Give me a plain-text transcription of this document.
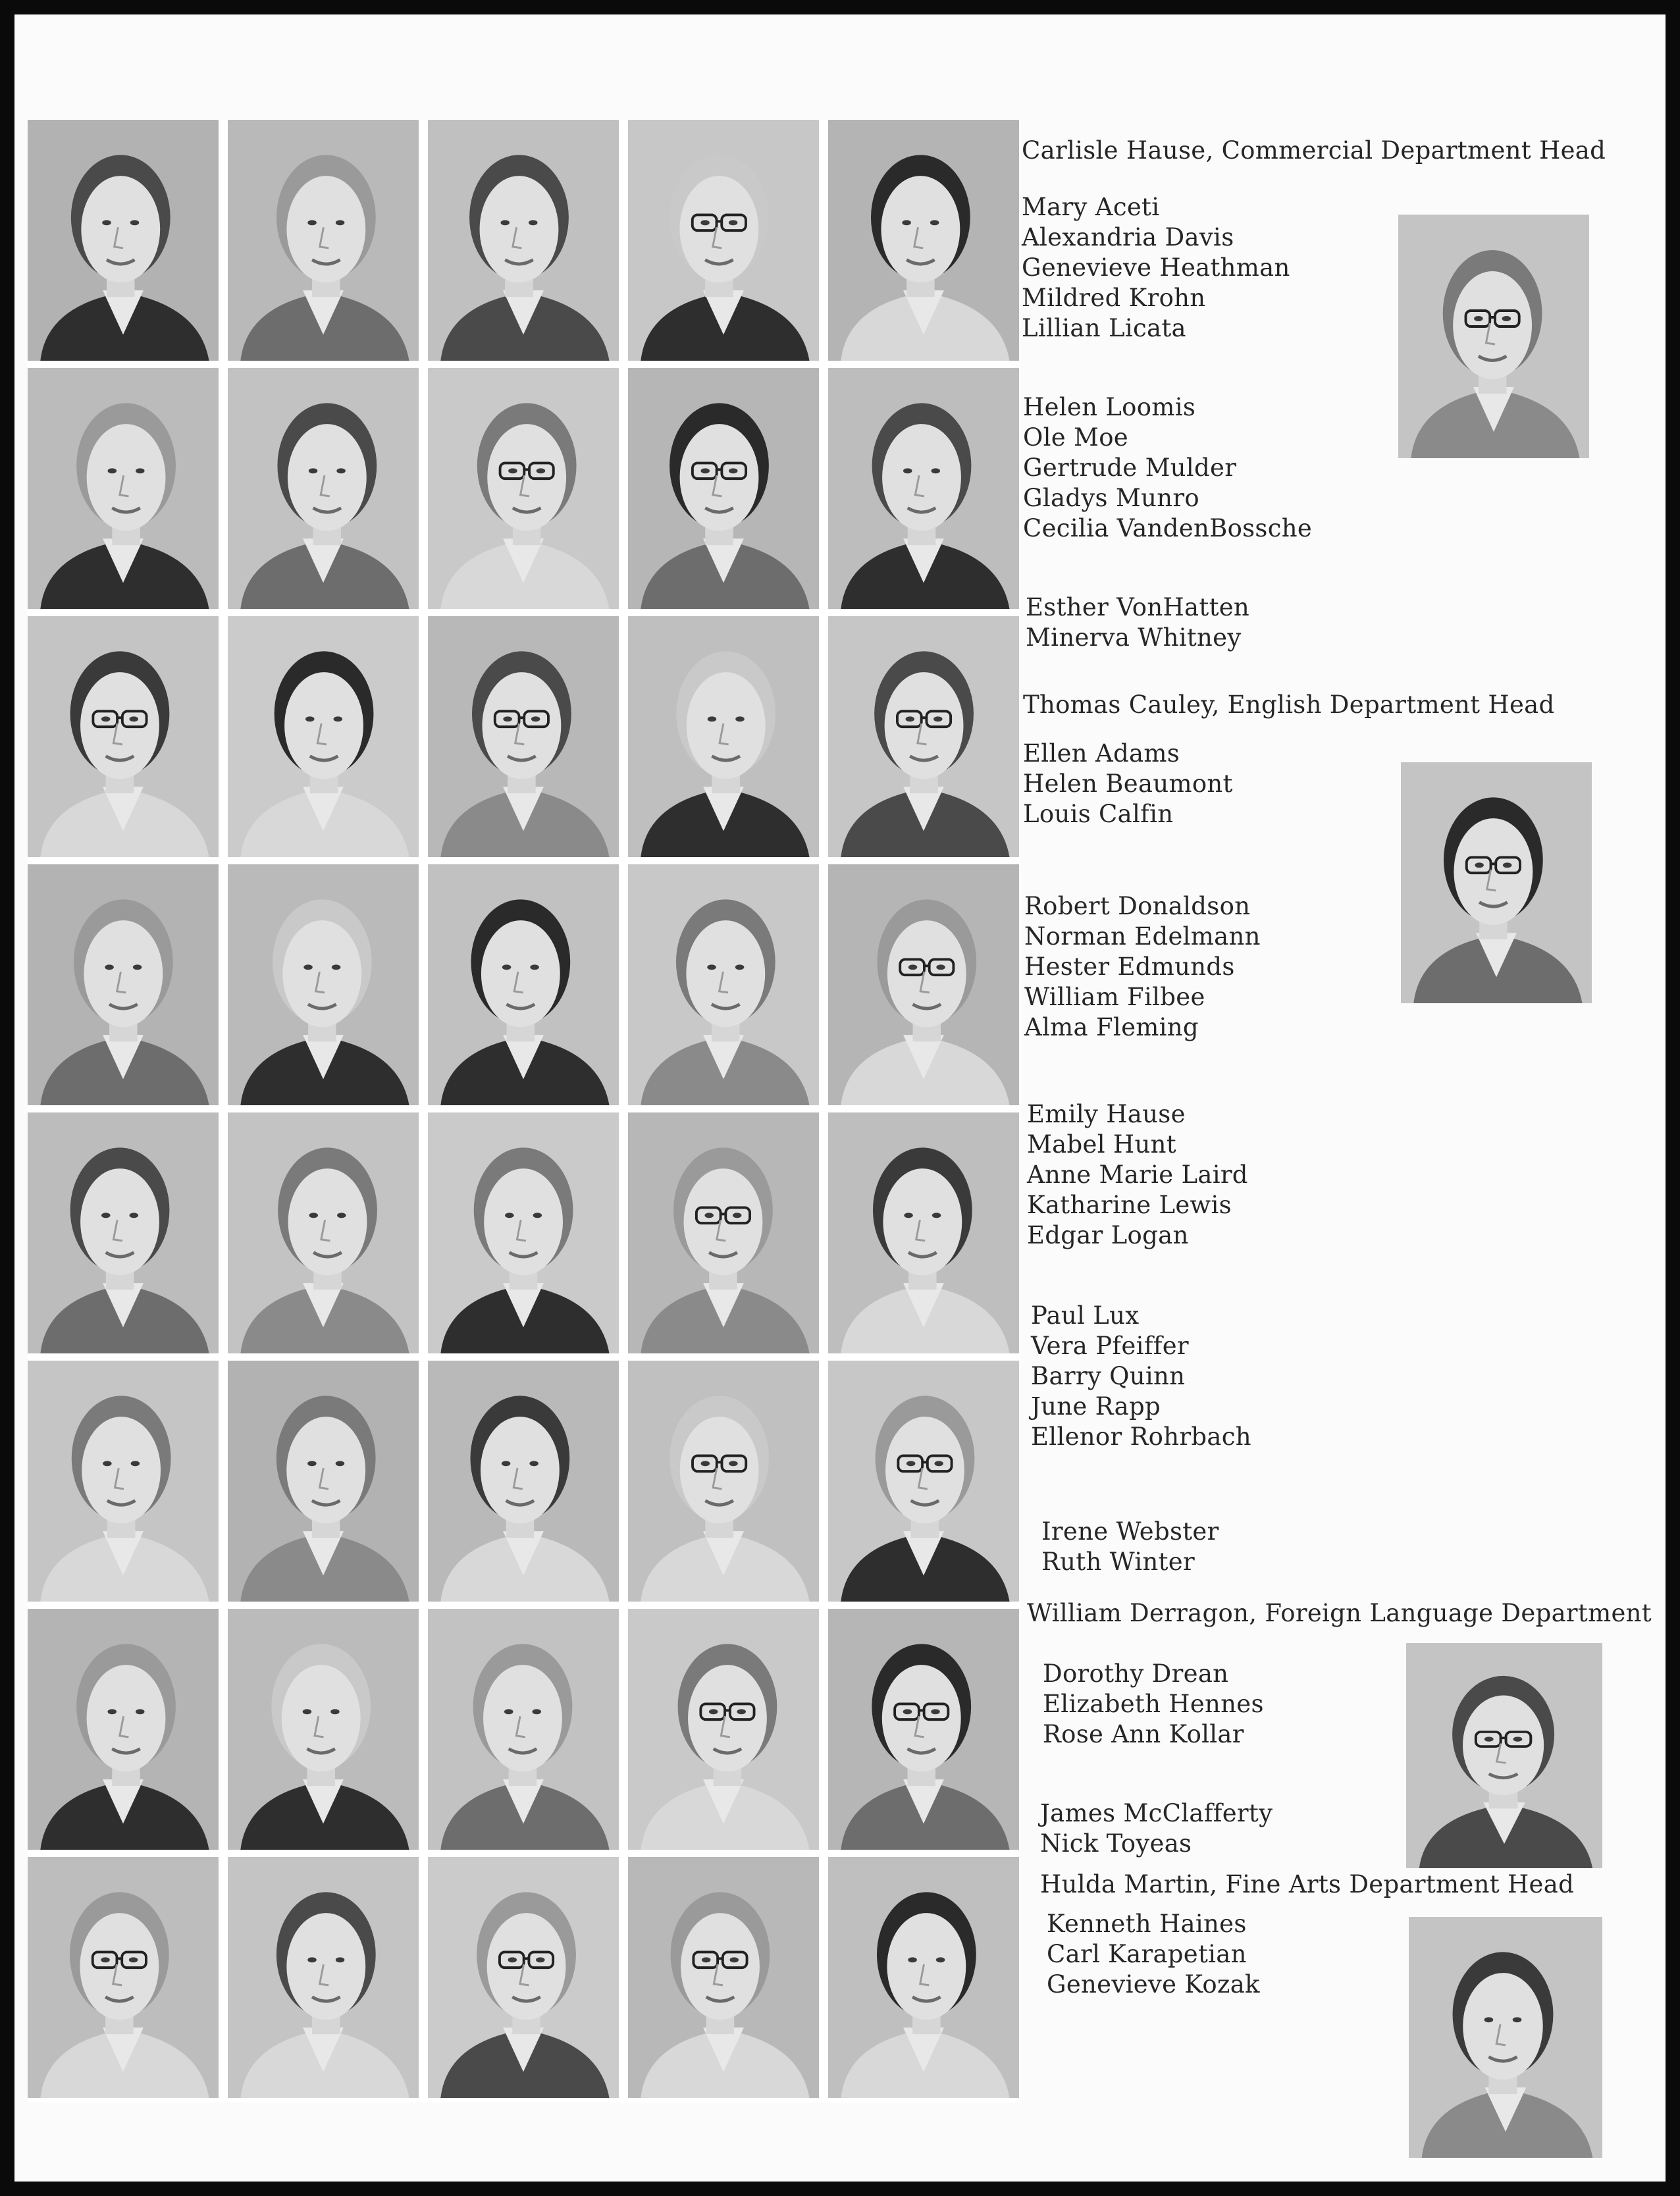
Carlisle Hause, Commercial Department Head
Mary Aceti
Alexandria Davis
Genevieve Heathman
Mildred Krohn
Lillian Licata
Helen Loomis
Ole Moe
Gertrude Mulder
Gladys Munro
Cecilia VandenBossche
Esther VonHatten
Minerva Whitney
Thomas Cauley, English Department Head
Ellen Adams
Helen Beaumont
Louis Calfin
Robert Donaldson
Norman Edelmann
Hester Edmunds
William Filbee
Alma Fleming
Emily Hause
Mabel Hunt
Anne Marie Laird
Katharine Lewis
Edgar Logan
Paul Lux
Vera Pfeiffer
Barry Quinn
June Rapp
Ellenor Rohrbach
Irene Webster
Ruth Winter
William Derragon, Foreign Language Department
Dorothy Drean
Elizabeth Hennes
Rose Ann Kollar
James McClafferty
Nick Toyeas
Hulda Martin, Fine Arts Department Head
Kenneth Haines
Carl Karapetian
Genevieve Kozak
